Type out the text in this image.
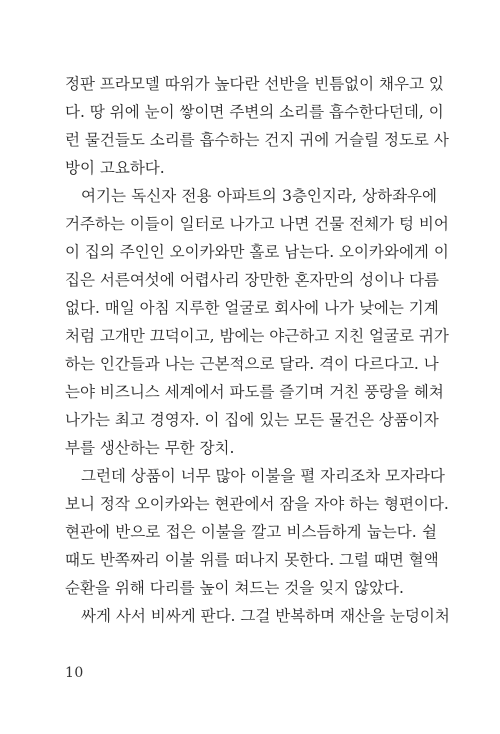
정판 프라모델 따위가 높다란 선반을 빈틈없이 채우고 있
다. 땅 위에 눈이 쌓이면 주변의 소리를 흡수한다던데, 이
런 물건들도 소리를 흡수하는 건지 귀에 거슬릴 정도로 사
방이 고요하다.
여기는 독신자 전용 아파트의 3층인지라, 상하좌우에
거주하는 이들이 일터로 나가고 나면 건물 전체가 텅 비어
이 집의 주인인 오이카와만 홀로 남는다. 오이카와에게 이
집은 서른여섯에 어렵사리 장만한 혼자만의 성이나 다름
없다. 매일 아침 지루한 얼굴로 회사에 나가 낮에는 기계
처럼 고개만 끄덕이고, 밤에는 야근하고 지친 얼굴로 귀가
하는 인간들과 나는 근본적으로 달라. 격이 다르다고. 나
는야 비즈니스 세계에서 파도를 즐기며 거친 풍랑을 헤쳐
나가는 최고 경영자. 이 집에 있는 모든 물건은 상품이자
부를 생산하는 무한 장치.
그런데 상품이 너무 많아 이불을 펼 자리조차 모자라다
보니 정작 오이카와는 현관에서 잠을 자야 하는 형편이다.
현관에 반으로 접은 이불을 깔고 비스듬하게 눕는다. 쉴
때도 반쪽짜리 이불 위를 떠나지 못한다. 그럴 때면 혈액
순환을 위해 다리를 높이 쳐드는 것을 잊지 않았다.
싸게 사서 비싸게 판다. 그걸 반복하며 재산을 눈덩이처
10
